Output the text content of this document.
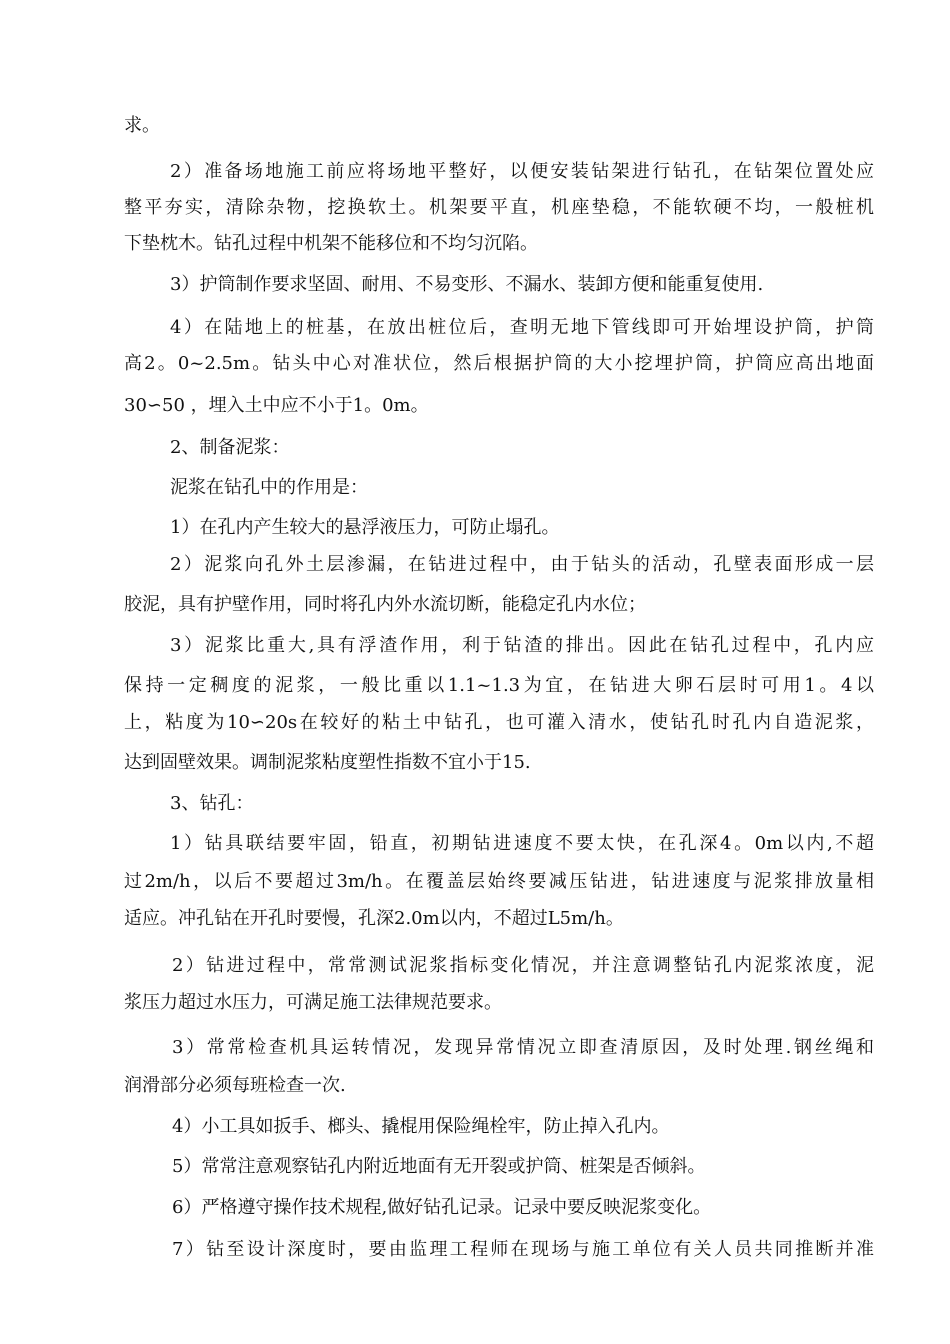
求。
2）准备场地施工前应将场地平整好，以便安装钻架进行钻孔，在钻架位置处应
整平夯实，清除杂物，挖换软土。机架要平直，机座垫稳，不能软硬不均，一般桩机
下垫枕木。钻孔过程中机架不能移位和不均匀沉陷。
3）护筒制作要求坚固、耐用、不易变形、不漏水、装卸方便和能重复使用.
4）在陆地上的桩基，在放出桩位后，查明无地下管线即可开始埋设护筒，护筒
高2。0~2.5m。钻头中心对准状位，然后根据护筒的大小挖埋护筒，护筒应高出地面
30∽50 ，埋入土中应不小于1。0m。
2、制备泥浆：
泥浆在钻孔中的作用是：
1）在孔内产生较大的悬浮液压力，可防止塌孔。
2）泥浆向孔外土层渗漏，在钻进过程中，由于钻头的活动，孔壁表面形成一层
胶泥，具有护壁作用，同时将孔内外水流切断，能稳定孔内水位；
3）泥浆比重大,具有浮渣作用，利于钻渣的排出。因此在钻孔过程中，孔内应
保持一定稠度的泥浆，一般比重以1.1~1.3为宜，在钻进大卵石层时可用1。4以
上，粘度为10∽20s在较好的粘土中钻孔，也可灌入清水，使钻孔时孔内自造泥浆，
达到固壁效果。调制泥浆粘度塑性指数不宜小于15.
3、钻孔：
1）钻具联结要牢固，铅直，初期钻进速度不要太快，在孔深4。0m以内,不超
过2m/h，以后不要超过3m/h。在覆盖层始终要减压钻进，钻进速度与泥浆排放量相
适应。冲孔钻在开孔时要慢，孔深2.0m以内，不超过L5m/h。
2）钻进过程中，常常测试泥浆指标变化情况，并注意调整钻孔内泥浆浓度，泥
浆压力超过水压力，可满足施工法律规范要求。
3）常常检查机具运转情况，发现异常情况立即查清原因，及时处理.钢丝绳和
润滑部分必须每班检查一次.
4）小工具如扳手、榔头、撬棍用保险绳栓牢，防止掉入孔内。
5）常常注意观察钻孔内附近地面有无开裂或护筒、桩架是否倾斜。
6）严格遵守操作技术规程,做好钻孔记录。记录中要反映泥浆变化。
7）钻至设计深度时，要由监理工程师在现场与施工单位有关人员共同推断并准
